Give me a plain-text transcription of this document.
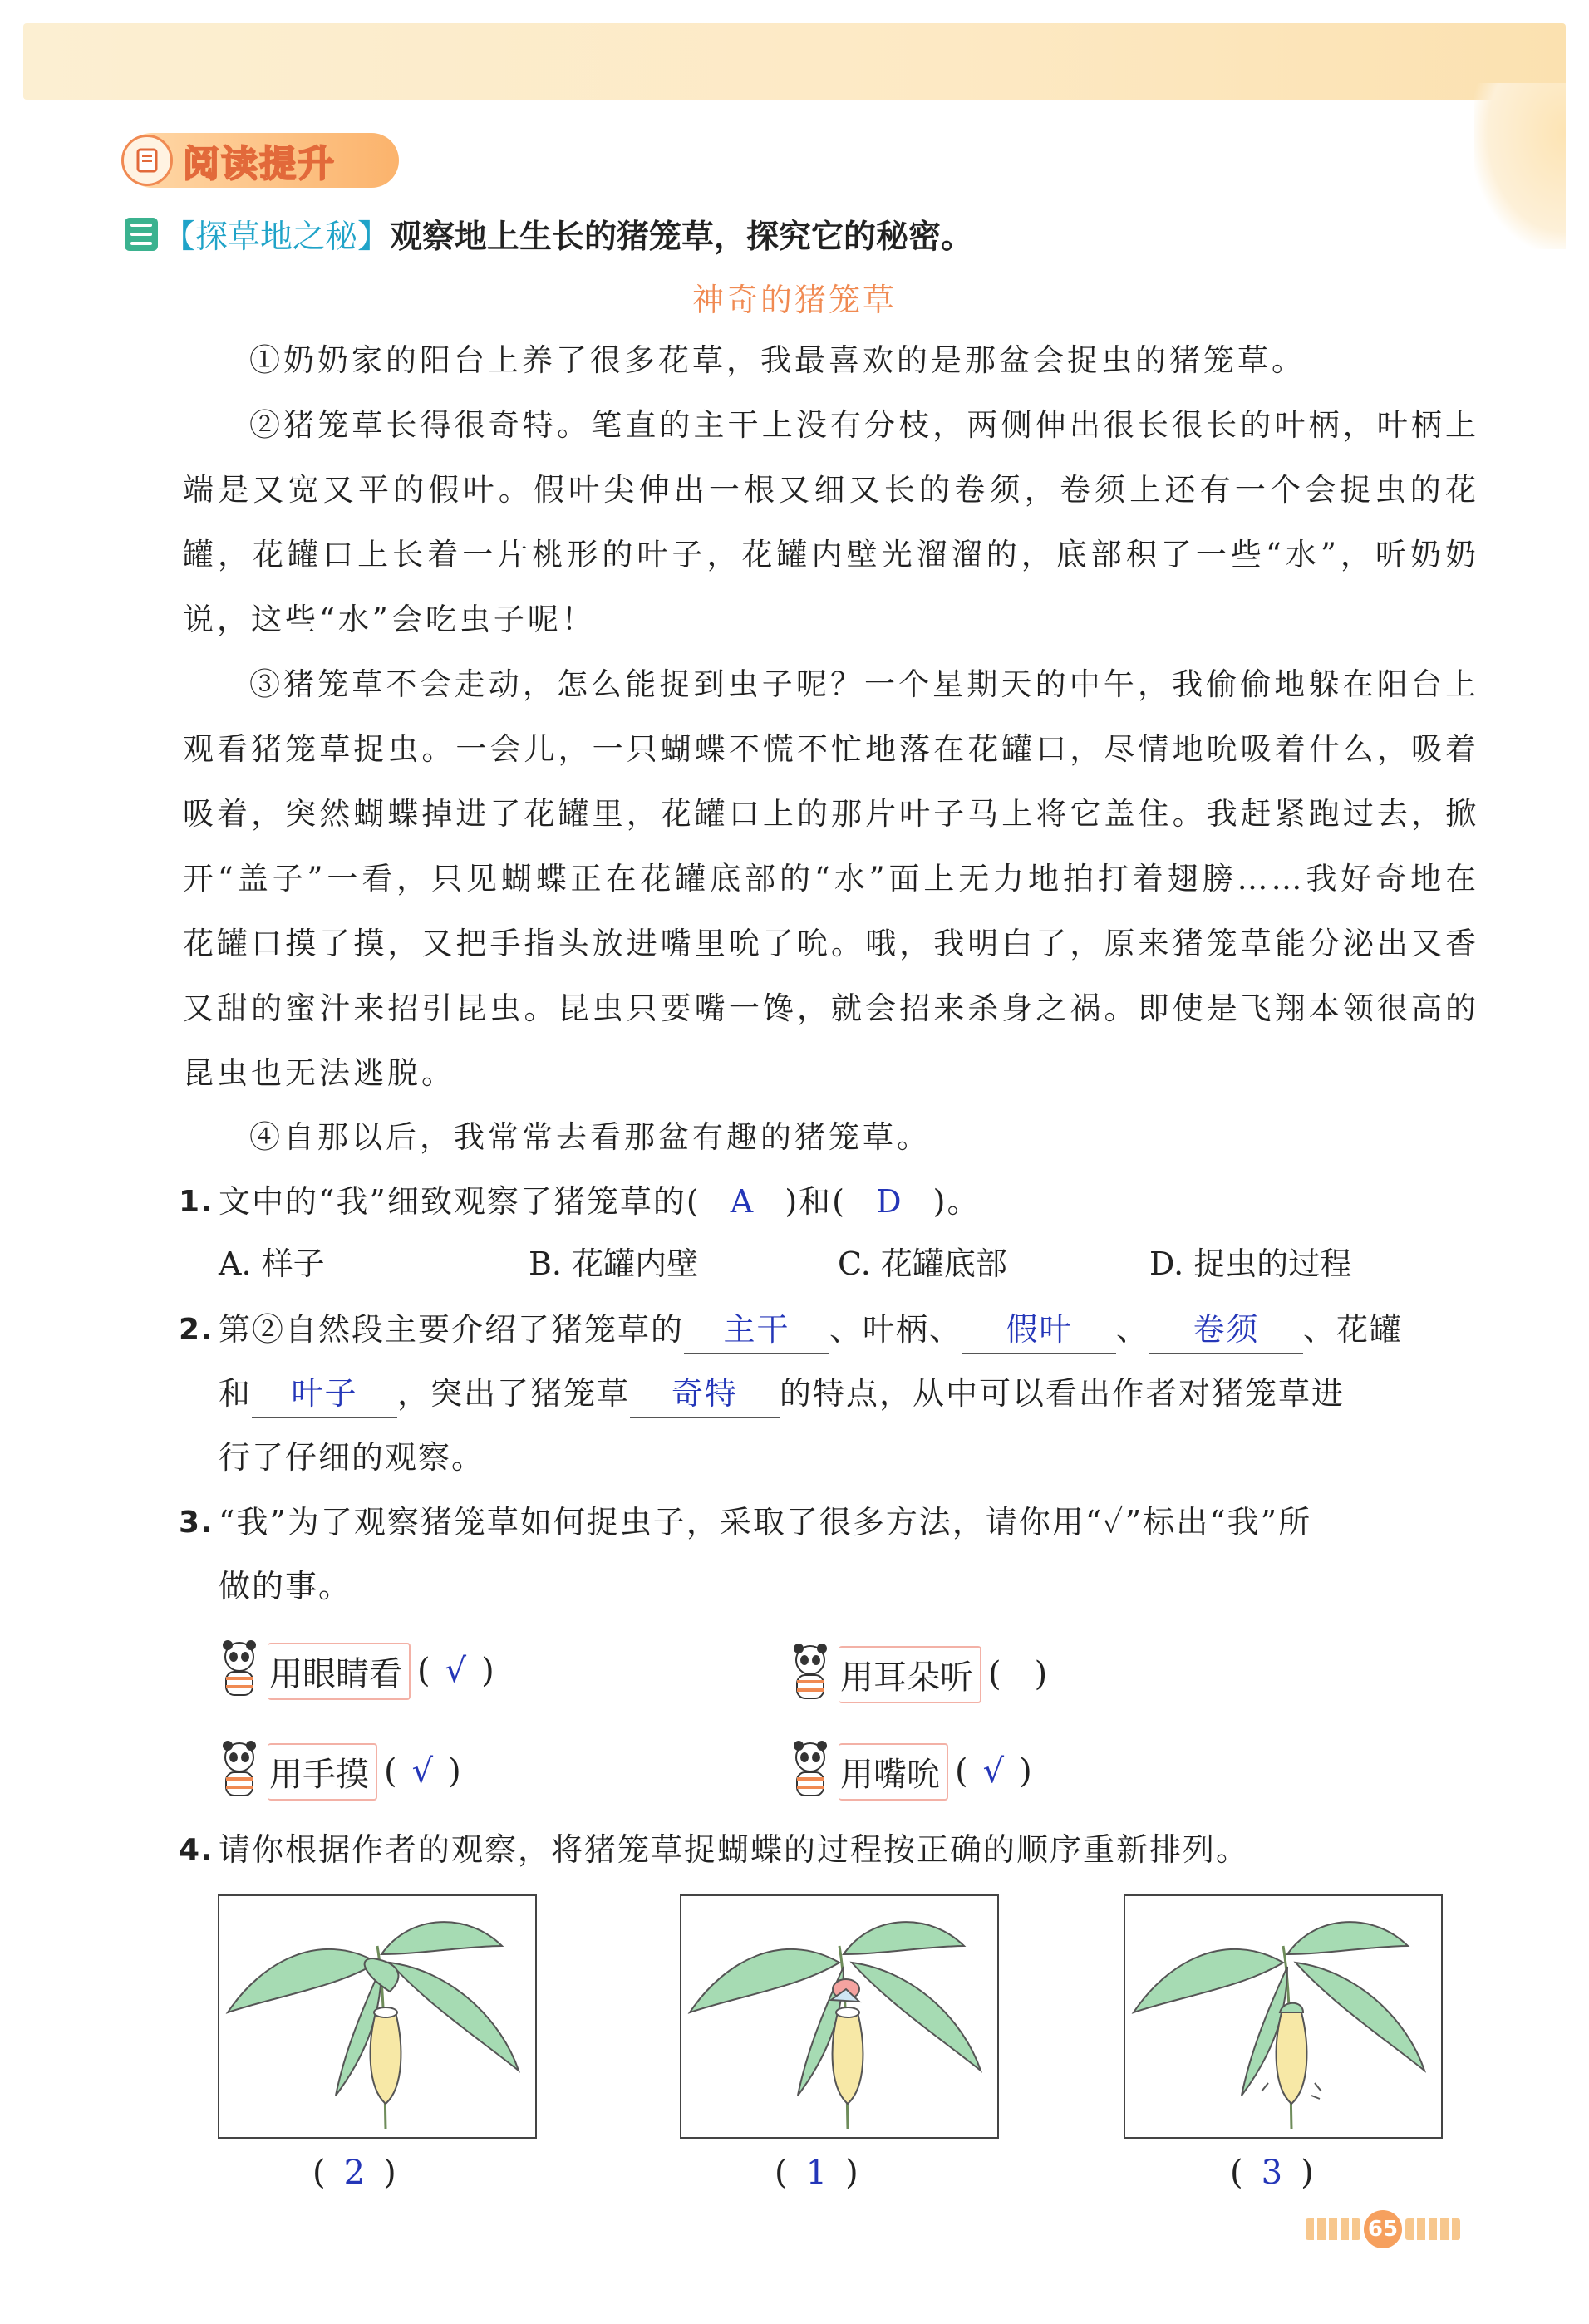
阅读提升
【探草地之秘】 观察地上生长的猪笼草，探究它的秘密。
神奇的猪笼草
①奶奶家的阳台上养了很多花草，我最喜欢的是那盆会捉虫的猪笼草。
②猪笼草长得很奇特。笔直的主干上没有分枝，两侧伸出很长很长的叶柄，叶柄上端是又宽又平的假叶。假叶尖伸出一根又细又长的卷须，卷须上还有一个会捉虫的花罐，花罐口上长着一片桃形的叶子，花罐内壁光溜溜的，底部积了一些“水”，听奶奶说，这些“水”会吃虫子呢！
③猪笼草不会走动，怎么能捉到虫子呢？一个星期天的中午，我偷偷地躲在阳台上观看猪笼草捉虫。一会儿，一只蝴蝶不慌不忙地落在花罐口，尽情地吮吸着什么，吸着吸着，突然蝴蝶掉进了花罐里，花罐口上的那片叶子马上将它盖住。我赶紧跑过去，掀开“盖子”一看，只见蝴蝶正在花罐底部的“水”面上无力地拍打着翅膀……我好奇地在花罐口摸了摸，又把手指头放进嘴里吮了吮。哦，我明白了，原来猪笼草能分泌出又香又甜的蜜汁来招引昆虫。昆虫只要嘴一馋，就会招来杀身之祸。即使是飞翔本领很高的昆虫也无法逃脱。
④自那以后，我常常去看那盆有趣的猪笼草。
1. 文中的“我”细致观察了猪笼草的( A )和( D )。
A. 样子	B. 花罐内壁	C. 花罐底部	D. 捉虫的过程
2. 第②自然段主要介绍了猪笼草的 主干 、叶柄、 假叶 、 卷须 、花罐
和 叶子 ，突出了猪笼草 奇特 的特点，从中可以看出作者对猪笼草进
行了仔细的观察。
3. “我”为了观察猪笼草如何捉虫子，采取了很多方法，请你用“✓”标出“我”所
做的事。
用眼睛看 (√)	用耳朵听 ()
用手摸 (√)	用嘴吮 (√)
4. 请你根据作者的观察，将猪笼草捉蝴蝶的过程按正确的顺序重新排列。
(2)	(1)	(3)
65
